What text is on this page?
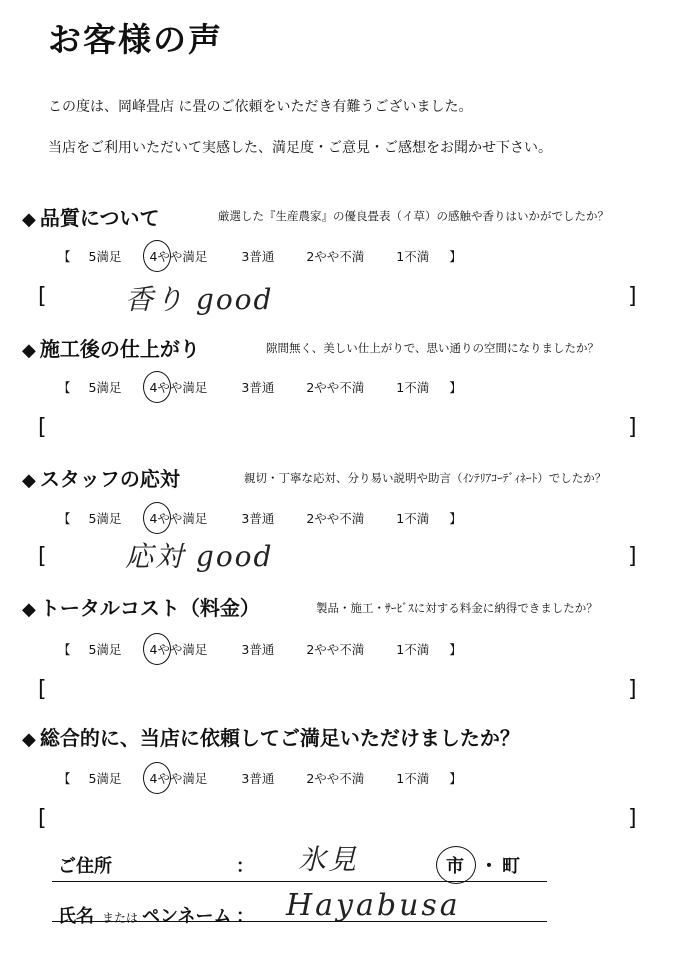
お客様の声
この度は、岡峰畳店 に畳のご依頼をいただき有難うございました。
当店をご利用いただいて実感した、満足度・ご意見・ご感想をお聞かせ下さい。
◆ 品質について	厳選した『生産農家』の優良畳表（イ草）の感触や香りはいかがでしたか？
【 5満足 4やや満足	3普通	2やや不満	1不満 】
[	香り good	]
◆ 施工後の仕上がり	隙間無く、美しい仕上がりで、思い通りの空間になりましたか？
【 5満足 4やや満足	3普通	2やや不満	1不満 】
[	]
◆ スタッフの応対	親切・丁寧な応対、分り易い説明や助言（ｲﾝﾃﾘｱｺｰﾃﾞｨﾈｰﾄ）でしたか？
【 5満足 4やや満足	3普通	2やや不満	1不満 】
[	応対 good	]
◆ トータルコスト（料金）	製品・施工・ｻｰﾋﾞｽに対する料金に納得できましたか？
【 5満足 4やや満足	3普通	2やや不満	1不満 】
[	]
◆ 総合的に、当店に依頼してご満足いただけましたか？
【 5満足 4やや満足	3普通	2やや不満	1不満 】
[	]
ご住所	： 氷見	市 ・ 町
氏名 または ペンネーム ： Hayabusa
